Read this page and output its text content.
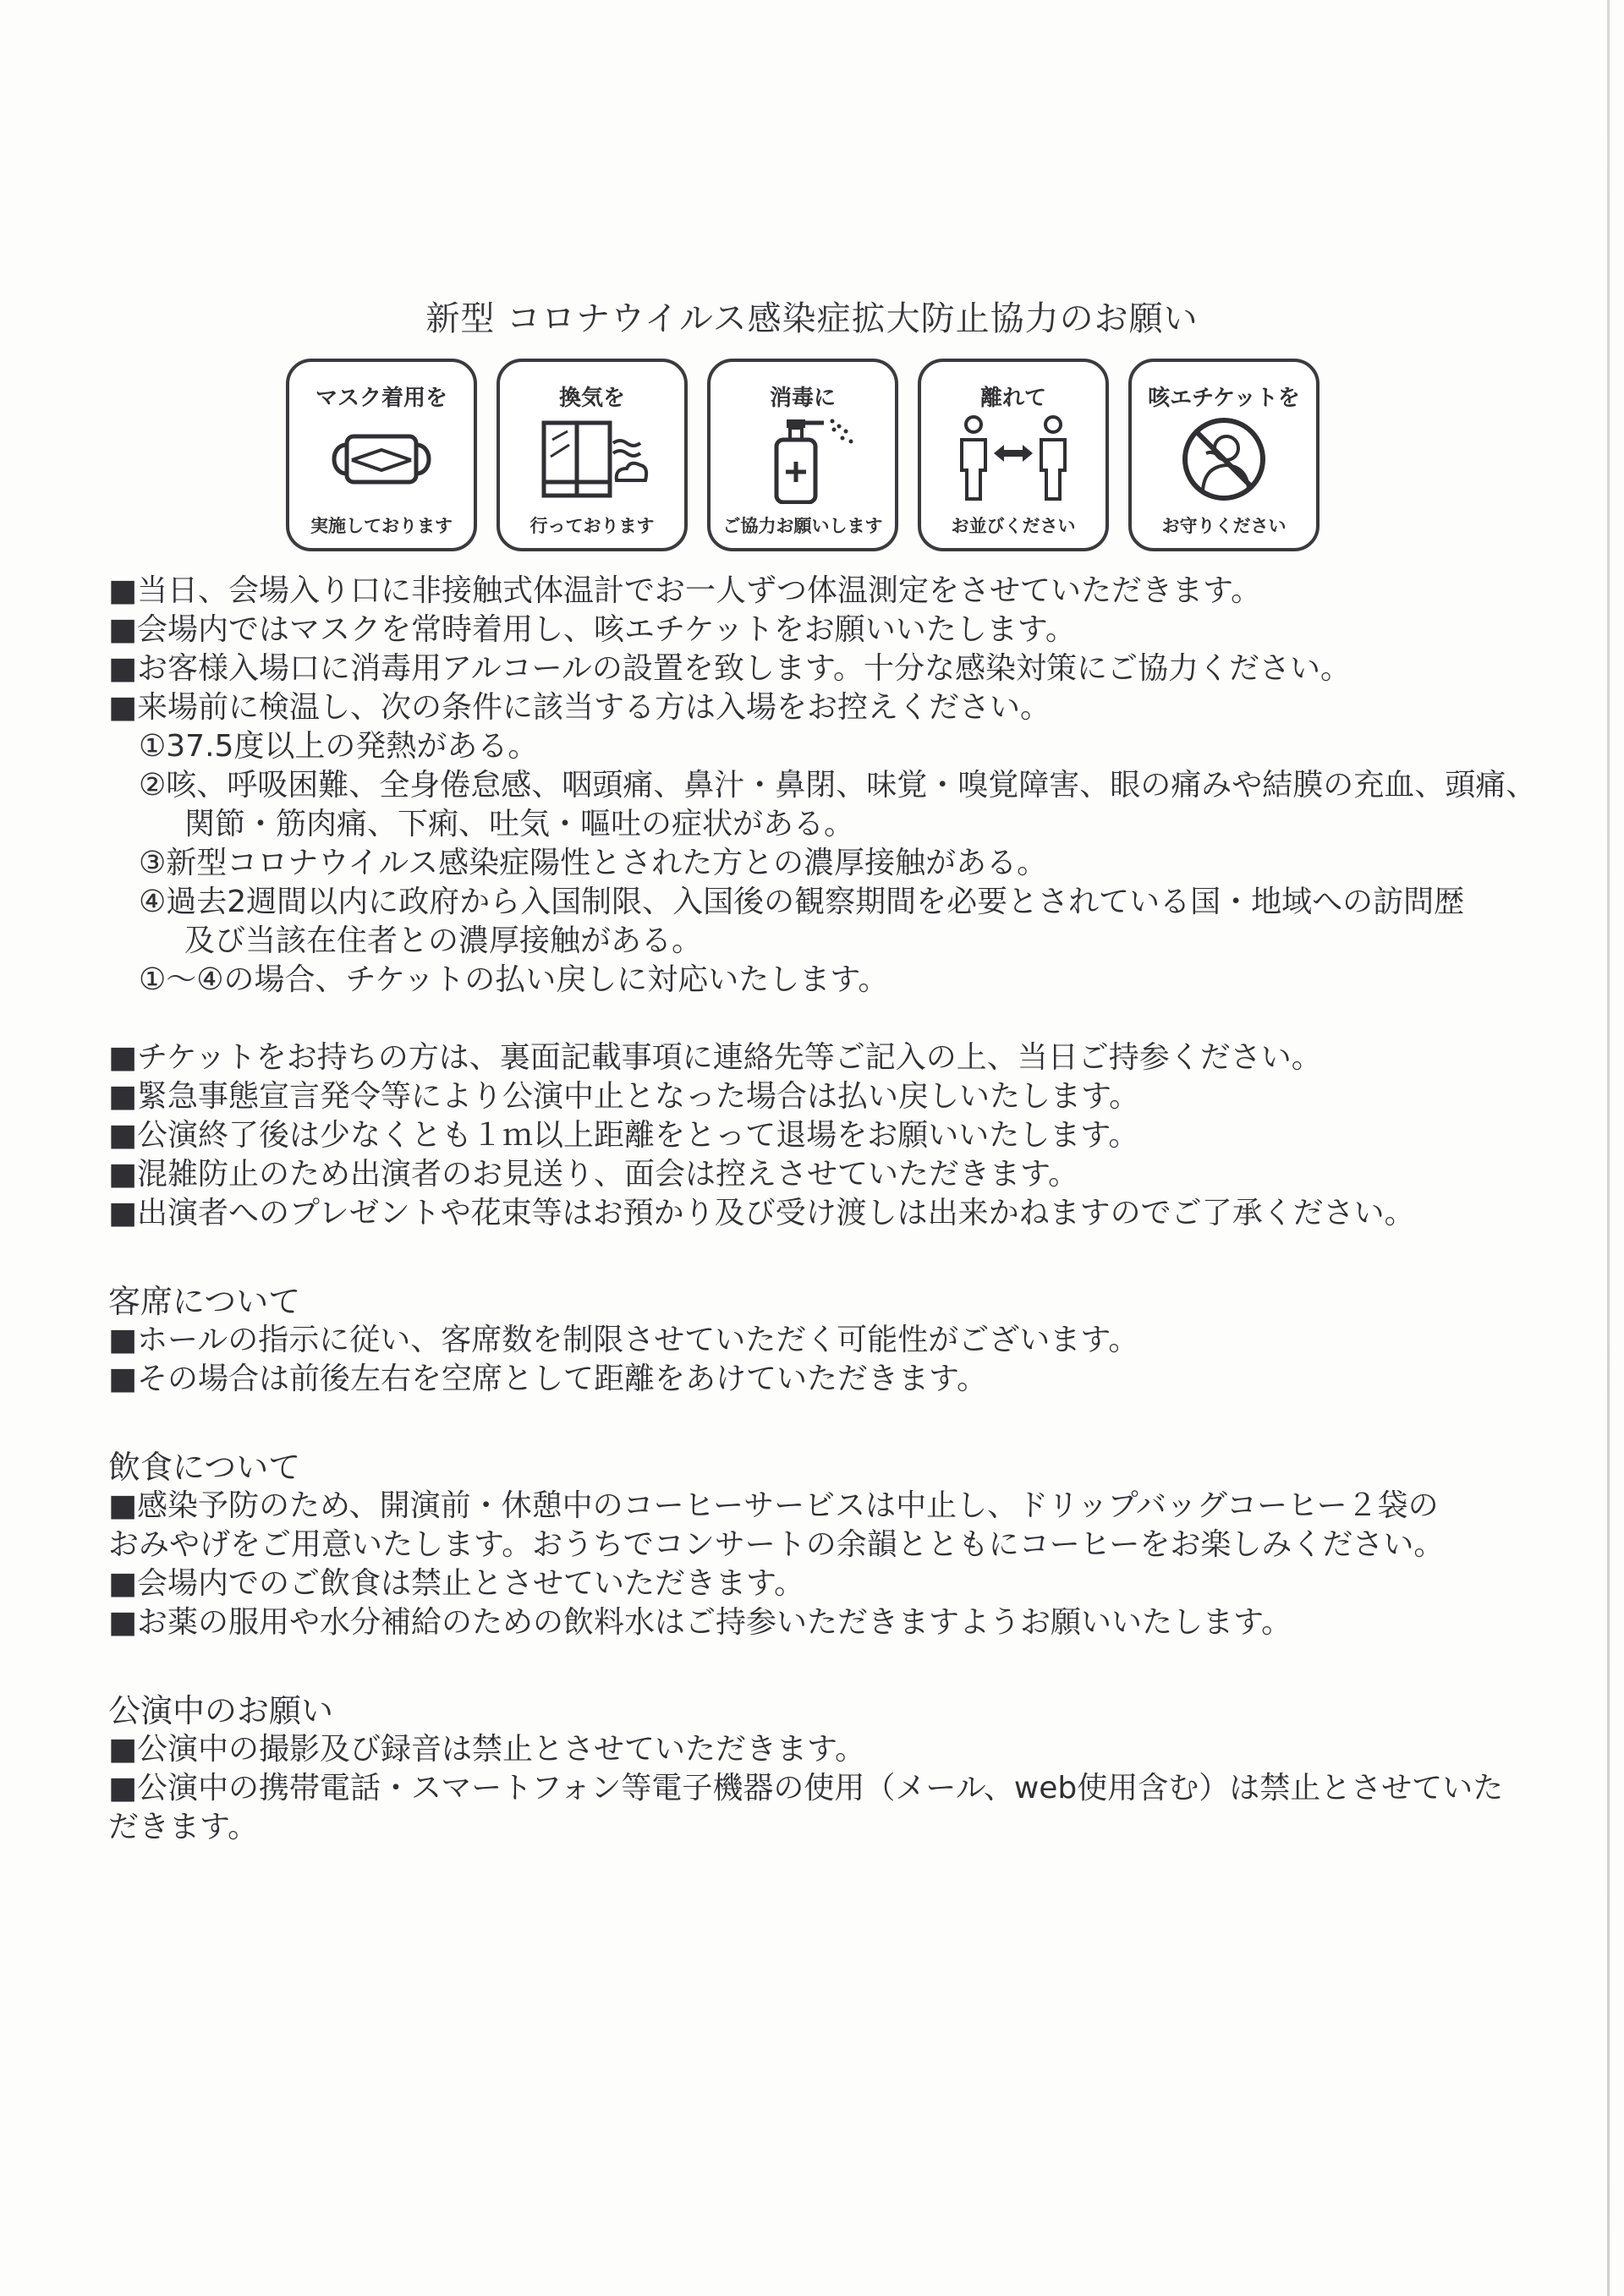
新型 コロナウイルス感染症拡大防止協力のお願い
マスク着用を
実施しております
換気を
行っております
消毒に
ご協力お願いします
離れて
お並びください
咳エチケットを
お守りください

■当日、会場入り口に非接触式体温計でお一人ずつ体温測定をさせていただきます。

■会場内ではマスクを常時着用し、咳エチケットをお願いいたします。

■お客様入場口に消毒用アルコールの設置を致します。十分な感染対策にご協力ください。

■来場前に検温し、次の条件に該当する方は入場をお控えください。

①37.5度以上の発熱がある。

②咳、呼吸困難、全身倦怠感、咽頭痛、鼻汁・鼻閉、味覚・嗅覚障害、眼の痛みや結膜の充血、頭痛、

関節・筋肉痛、下痢、吐気・嘔吐の症状がある。

③新型コロナウイルス感染症陽性とされた方との濃厚接触がある。

④過去2週間以内に政府から入国制限、入国後の観察期間を必要とされている国・地域への訪問歴

及び当該在住者との濃厚接触がある。

①～④の場合、チケットの払い戻しに対応いたします。

■チケットをお持ちの方は、裏面記載事項に連絡先等ご記入の上、当日ご持参ください。

■緊急事態宣言発令等により公演中止となった場合は払い戻しいたします。

■公演終了後は少なくとも１ｍ以上距離をとって退場をお願いいたします。

■混雑防止のため出演者のお見送り、面会は控えさせていただきます。

■出演者へのプレゼントや花束等はお預かり及び受け渡しは出来かねますのでご了承ください。

客席について

■ホールの指示に従い、客席数を制限させていただく可能性がございます。

■その場合は前後左右を空席として距離をあけていただきます。

飲食について

■感染予防のため、開演前・休憩中のコーヒーサービスは中止し、ドリップバッグコーヒー２袋の

おみやげをご用意いたします。おうちでコンサートの余韻とともにコーヒーをお楽しみください。

■会場内でのご飲食は禁止とさせていただきます。

■お薬の服用や水分補給のための飲料水はご持参いただきますようお願いいたします。

公演中のお願い

■公演中の撮影及び録音は禁止とさせていただきます。

■公演中の携帯電話・スマートフォン等電子機器の使用（メール、web使用含む）は禁止とさせていた

だきます。
